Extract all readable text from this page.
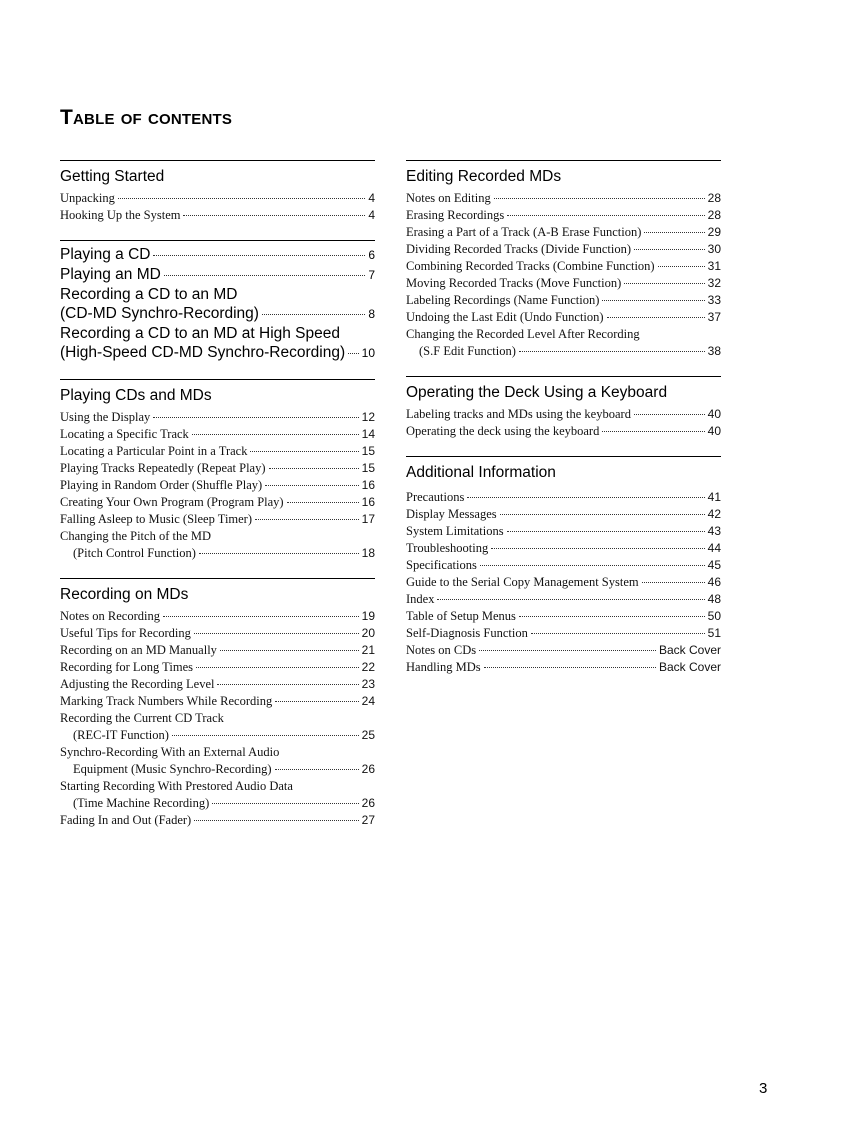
Table of contents
Getting Started
Unpacking	4
Hooking Up the System	4
Playing a CD	6
Playing an MD	7
Recording a CD to an MD
(CD-MD Synchro-Recording)	8
Recording a CD to an MD at High Speed
(High-Speed CD-MD Synchro-Recording) 10
Playing CDs and MDs
Using the Display	12
Locating a Specific Track	14
Locating a Particular Point in a Track	15
Playing Tracks Repeatedly (Repeat Play)	15
Playing in Random Order (Shuffle Play)	16
Creating Your Own Program (Program Play)	16
Falling Asleep to Music (Sleep Timer)	17
Changing the Pitch of the MD
(Pitch Control Function)	18
Recording on MDs
Notes on Recording	19
Useful Tips for Recording	20
Recording on an MD Manually	21
Recording for Long Times	22
Adjusting the Recording Level	23
Marking Track Numbers While Recording	24
Recording the Current CD Track
(REC-IT Function)	25
Synchro-Recording With an External Audio
Equipment (Music Synchro-Recording)	26
Starting Recording With Prestored Audio Data
(Time Machine Recording)	26
Fading In and Out (Fader)	27
Editing Recorded MDs
Notes on Editing	28
Erasing Recordings	28
Erasing a Part of a Track (A-B Erase Function)	29
Dividing Recorded Tracks (Divide Function)	30
Combining Recorded Tracks (Combine Function)	31
Moving Recorded Tracks (Move Function)	32
Labeling Recordings (Name Function)	33
Undoing the Last Edit (Undo Function)	37
Changing the Recorded Level After Recording
(S.F Edit Function)	38
Operating the Deck Using a Keyboard
Labeling tracks and MDs using the keyboard	40
Operating the deck using the keyboard	40
Additional Information
Precautions	41
Display Messages	42
System Limitations	43
Troubleshooting	44
Specifications	45
Guide to the Serial Copy Management System	46
Index	48
Table of Setup Menus	50
Self-Diagnosis Function	51
Notes on CDs	Back Cover
Handling MDs	Back Cover
3
